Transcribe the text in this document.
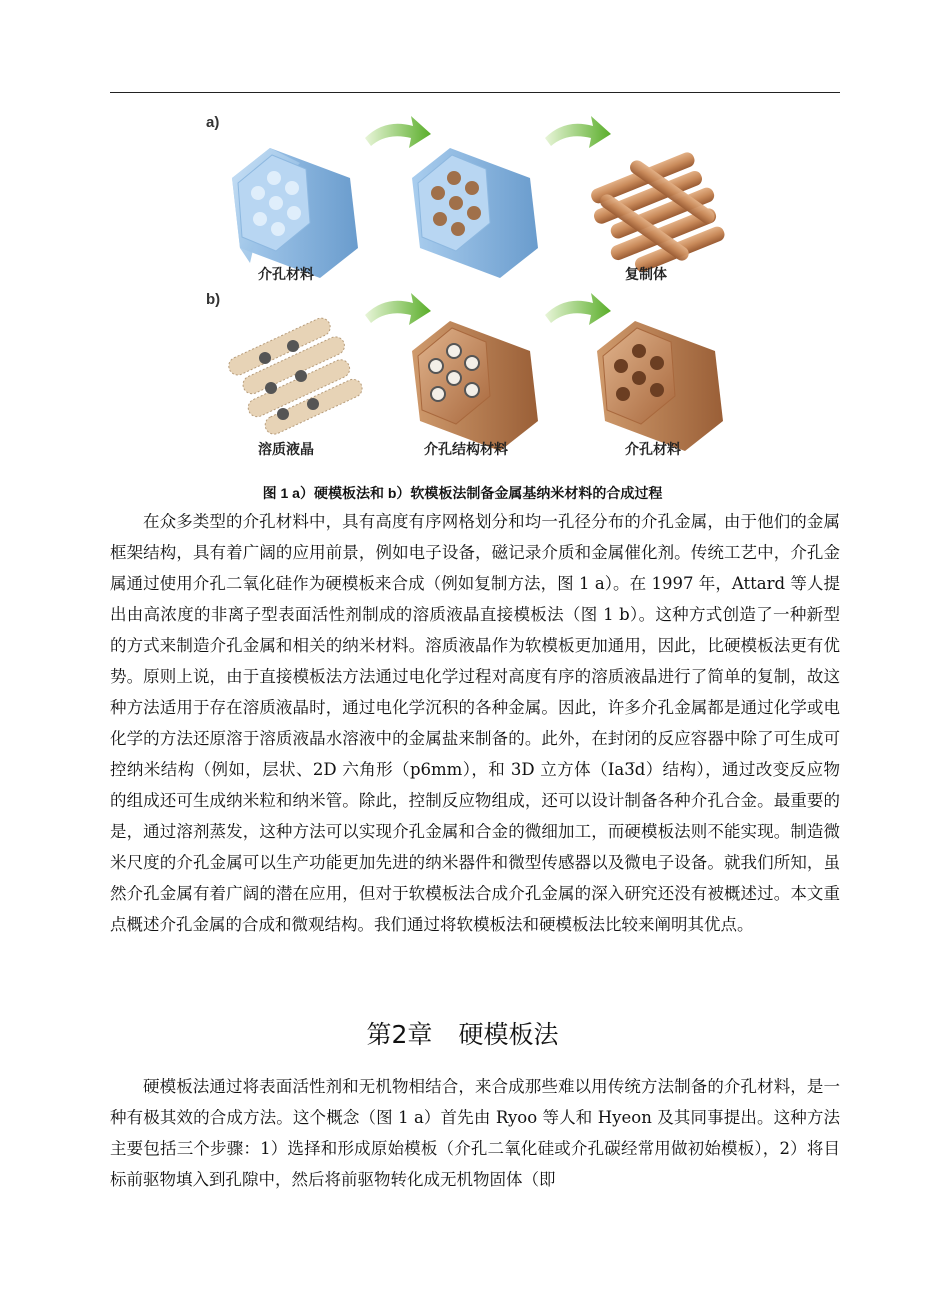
a)
b)
介孔材料	复制体
溶质液晶	介孔结构材料	介孔材料
图 1 a）硬模板法和 b）软模板法制备金属基纳米材料的合成过程

在众多类型的介孔材料中，具有高度有序网格划分和均一孔径分布的介孔金属，由于他们的金属框架结构，具有着广阔的应用前景，例如电子设备，磁记录介质和金属催化剂。传统工艺中，介孔金属通过使用介孔二氧化硅作为硬模板来合成（例如复制方法，图 1 a）。在 1997 年，Attard 等人提出由高浓度的非离子型表面活性剂制成的溶质液晶直接模板法（图 1 b）。这种方式创造了一种新型的方式来制造介孔金属和相关的纳米材料。溶质液晶作为软模板更加通用，因此，比硬模板法更有优势。原则上说，由于直接模板法方法通过电化学过程对高度有序的溶质液晶进行了简单的复制，故这种方法适用于存在溶质液晶时，通过电化学沉积的各种金属。因此，许多介孔金属都是通过化学或电化学的方法还原溶于溶质液晶水溶液中的金属盐来制备的。此外，在封闭的反应容器中除了可生成可控纳米结构（例如，层状、2D 六角形（p6mm），和 3D 立方体（Ia3̅d）结构），通过改变反应物的组成还可生成纳米粒和纳米管。除此，控制反应物组成，还可以设计制备各种介孔合金。最重要的是，通过溶剂蒸发，这种方法可以实现介孔金属和合金的微细加工，而硬模板法则不能实现。制造微米尺度的介孔金属可以生产功能更加先进的纳米器件和微型传感器以及微电子设备。就我们所知，虽然介孔金属有着广阔的潜在应用，但对于软模板法合成介孔金属的深入研究还没有被概述过。本文重点概述介孔金属的合成和微观结构。我们通过将软模板法和硬模板法比较来阐明其优点。

第2章 硬模板法

硬模板法通过将表面活性剂和无机物相结合，来合成那些难以用传统方法制备的介孔材料，是一种有极其效的合成方法。这个概念（图 1 a）首先由 Ryoo 等人和 Hyeon 及其同事提出。这种方法主要包括三个步骤：1）选择和形成原始模板（介孔二氧化硅或介孔碳经常用做初始模板），2）将目标前驱物填入到孔隙中，然后将前驱物转化成无机物固体（即
